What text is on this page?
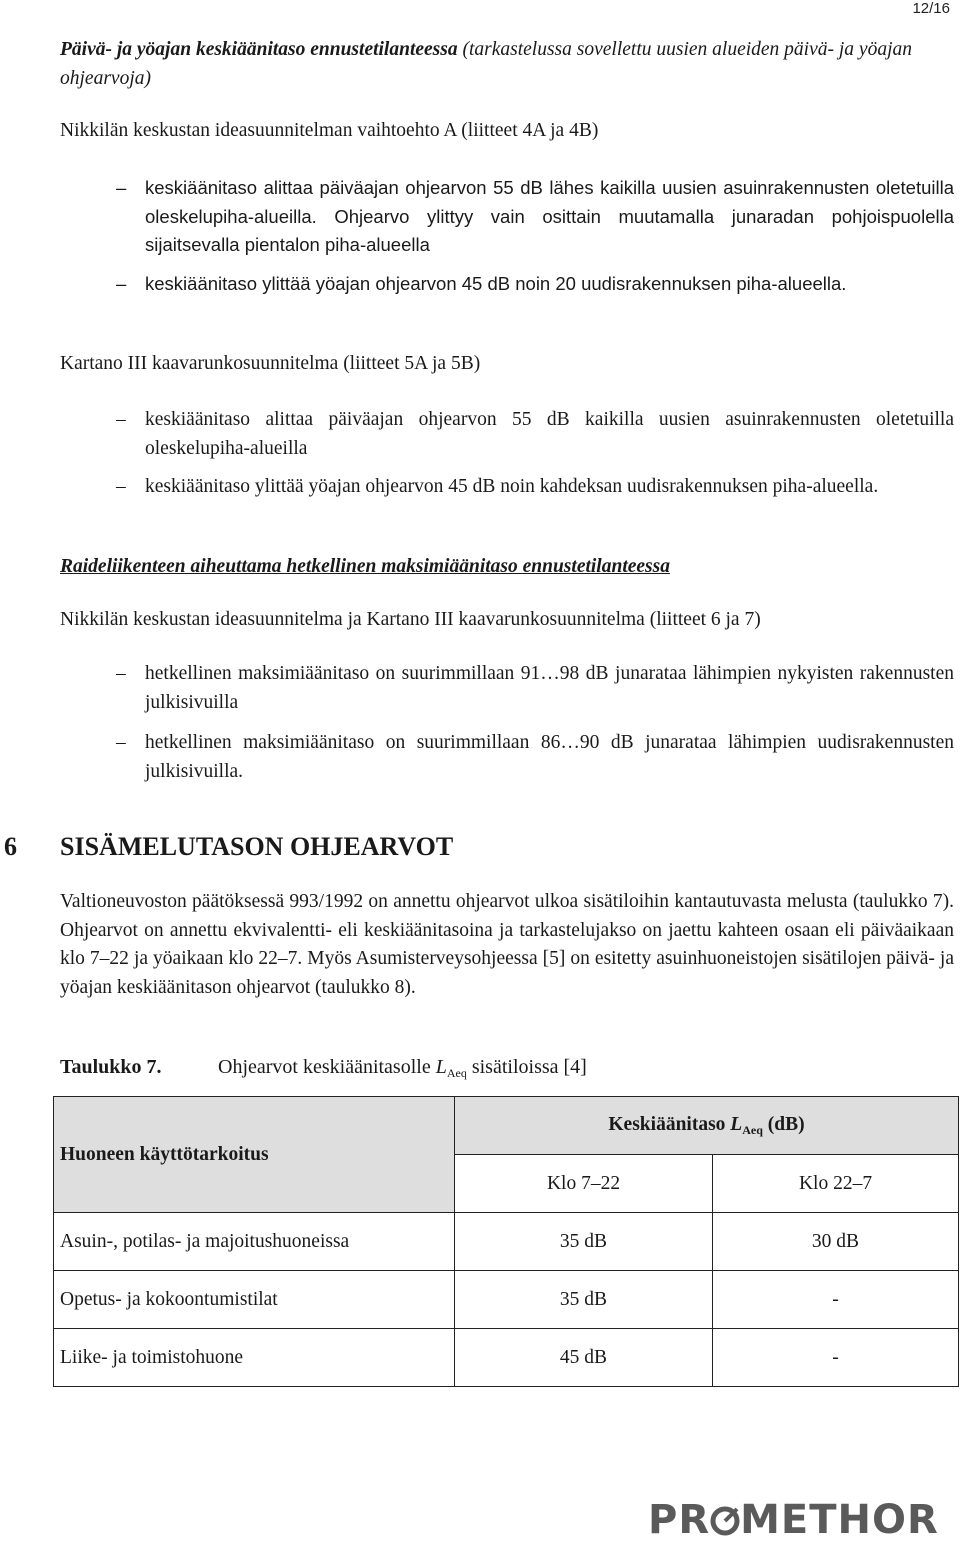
12/16
Päivä- ja yöajan keskiäänitaso ennustetilanteessa (tarkastelussa sovellettu uusien alueiden päivä- ja yöajan ohjearvoja)
Nikkilän keskustan ideasuunnitelman vaihtoehto A (liitteet 4A ja 4B)
– keskiäänitaso alittaa päiväajan ohjearvon 55 dB lähes kaikilla uusien asuinrakennusten oletetuilla oleskelupiha-alueilla. Ohjearvo ylittyy vain osittain muutamalla junaradan pohjoispuolella sijaitsevalla pientalon piha-alueella
– keskiäänitaso ylittää yöajan ohjearvon 45 dB noin 20 uudisrakennuksen piha-alueella.
Kartano III kaavarunkosuunnitelma (liitteet 5A ja 5B)
– keskiäänitaso alittaa päiväajan ohjearvon 55 dB kaikilla uusien asuinrakennusten oletetuilla oleskelupiha-alueilla
– keskiäänitaso ylittää yöajan ohjearvon 45 dB noin kahdeksan uudisrakennuksen piha-alueella.
Raideliikenteen aiheuttama hetkellinen maksimiäänitaso ennustetilanteessa
Nikkilän keskustan ideasuunnitelma ja Kartano III kaavarunkosuunnitelma (liitteet 6 ja 7)
– hetkellinen maksimiäänitaso on suurimmillaan 91…98 dB junarataa lähimpien nykyisten rakennusten julkisivuilla
– hetkellinen maksimiäänitaso on suurimmillaan 86…90 dB junarataa lähimpien uudisrakennusten julkisivuilla.
6 SISÄMELUTASON OHJEARVOT
Valtioneuvoston päätöksessä 993/1992 on annettu ohjearvot ulkoa sisätiloihin kantautuvasta melusta (taulukko 7). Ohjearvot on annettu ekvivalentti- eli keskiäänitasoina ja tarkastelujakso on jaettu kahteen osaan eli päiväaikaan klo 7–22 ja yöaikaan klo 22–7. Myös Asumisterveysohjeessa [5] on esitetty asuinhuoneistojen sisätilojen päivä- ja yöajan keskiäänitason ohjearvot (taulukko 8).
Taulukko 7.	Ohjearvot keskiäänitasolle $L_{Aeq}$ sisätiloissa [4]
Huoneen käyttötarkoitus	Keskiäänitaso $L_{Aeq}$ (dB)	
	Klo 7–22	Klo 22–7
Asuin-, potilas- ja majoitushuoneissa	35 dB	30 dB
Opetus- ja kokoontumistilat	35 dB	-
Liike- ja toimistohuone	45 dB	-
PR METHOR
